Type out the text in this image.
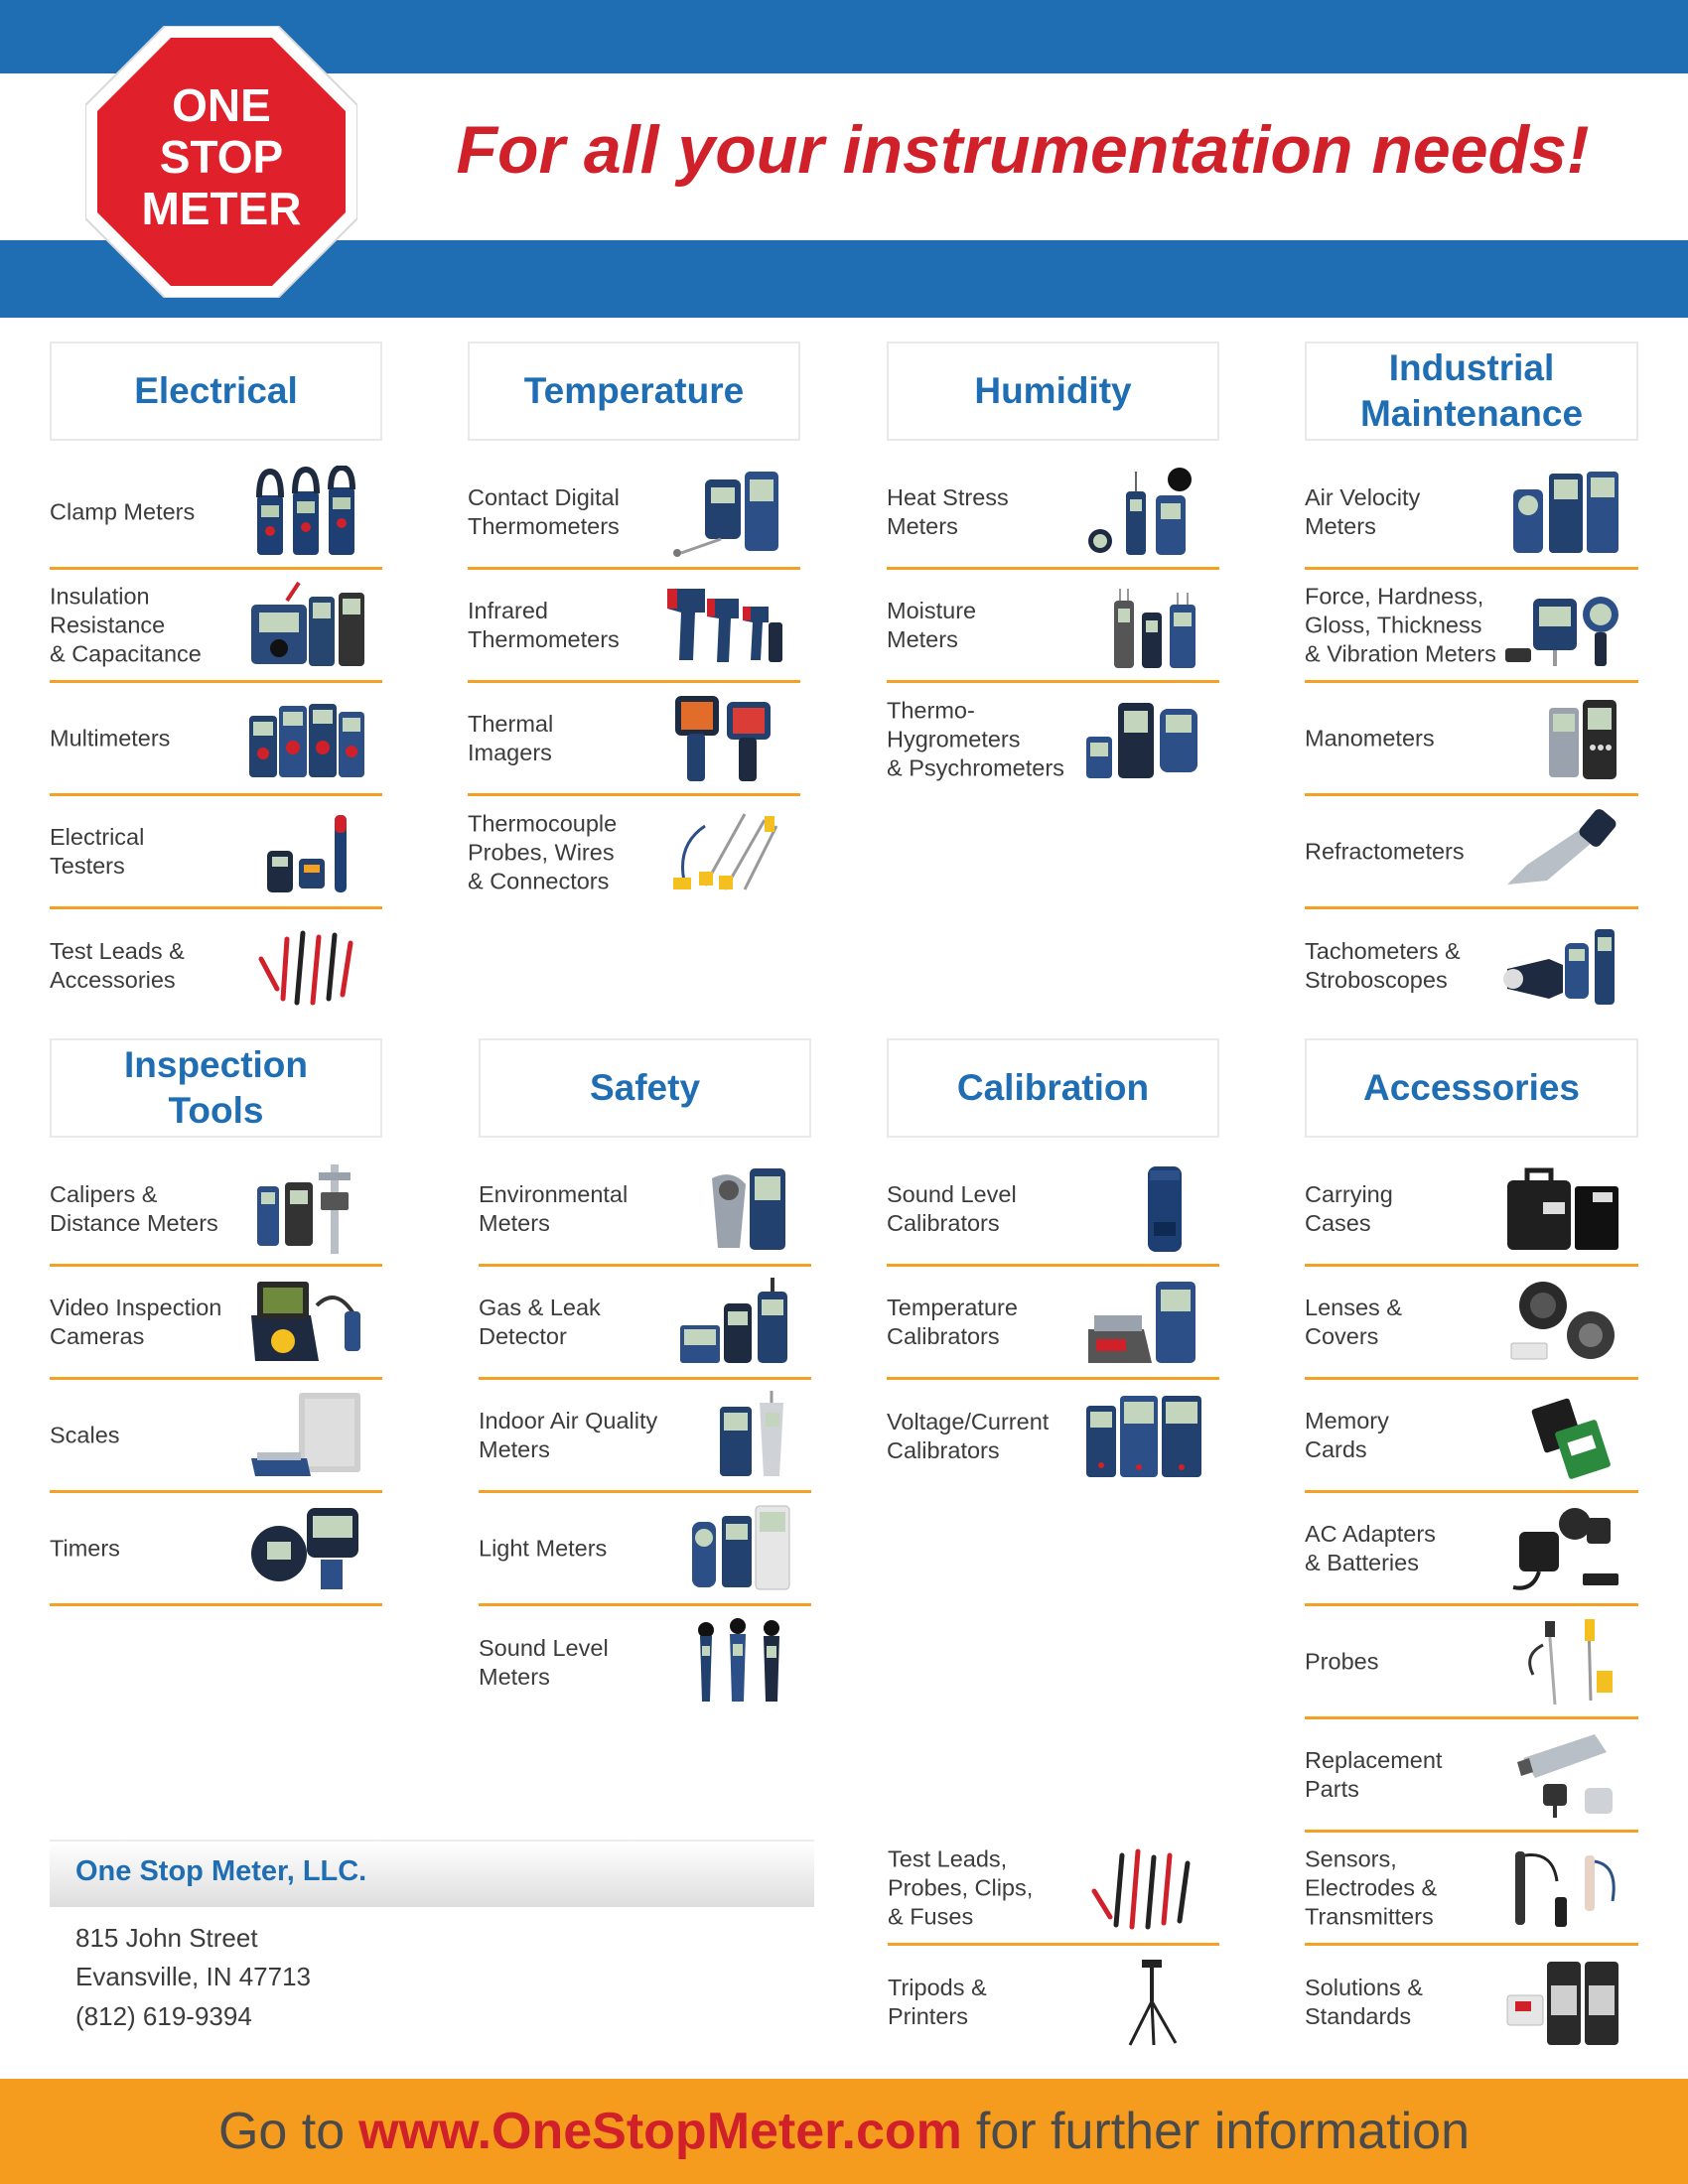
ONE
STOP
METER
For all your instrumentation needs!
Electrical	Temperature	Humidity
Industrial
Maintenance
Inspection
Tools
Safety	Calibration	Accessories
Clamp Meters
Insulation
Resistance
& Capacitance
Multimeters
Electrical
Testers
Test Leads &
Accessories
Contact Digital
Thermometers
Infrared
Thermometers
Thermal
Imagers
Thermocouple
Probes, Wires
& Connectors
Heat Stress
Meters
Moisture
Meters
Thermo-Hygrometers
& Psychrometers
Air Velocity
Meters
Force, Hardness,
Gloss, Thickness
& Vibration Meters
Manometers
Refractometers
Tachometers &
Stroboscopes
Calipers &
Distance Meters
Video Inspection
Cameras
Scales
Timers
Environmental
Meters
Gas & Leak
Detector
Indoor Air Quality
Meters
Light Meters
Sound Level
Meters
Sound Level
Calibrators
Temperature
Calibrators
Voltage/Current
Calibrators
Test Leads,
Probes, Clips,
& Fuses
Tripods &
Printers
Carrying
Cases
Lenses &
Covers
Memory
Cards
AC Adapters
& Batteries
Probes
Replacement
Parts
Sensors,
Electrodes &
Transmitters
Solutions &
Standards
One Stop Meter, LLC.
815 John Street
Evansville, IN 47713
(812) 619-9394
Go to www.OneStopMeter.com for further information
